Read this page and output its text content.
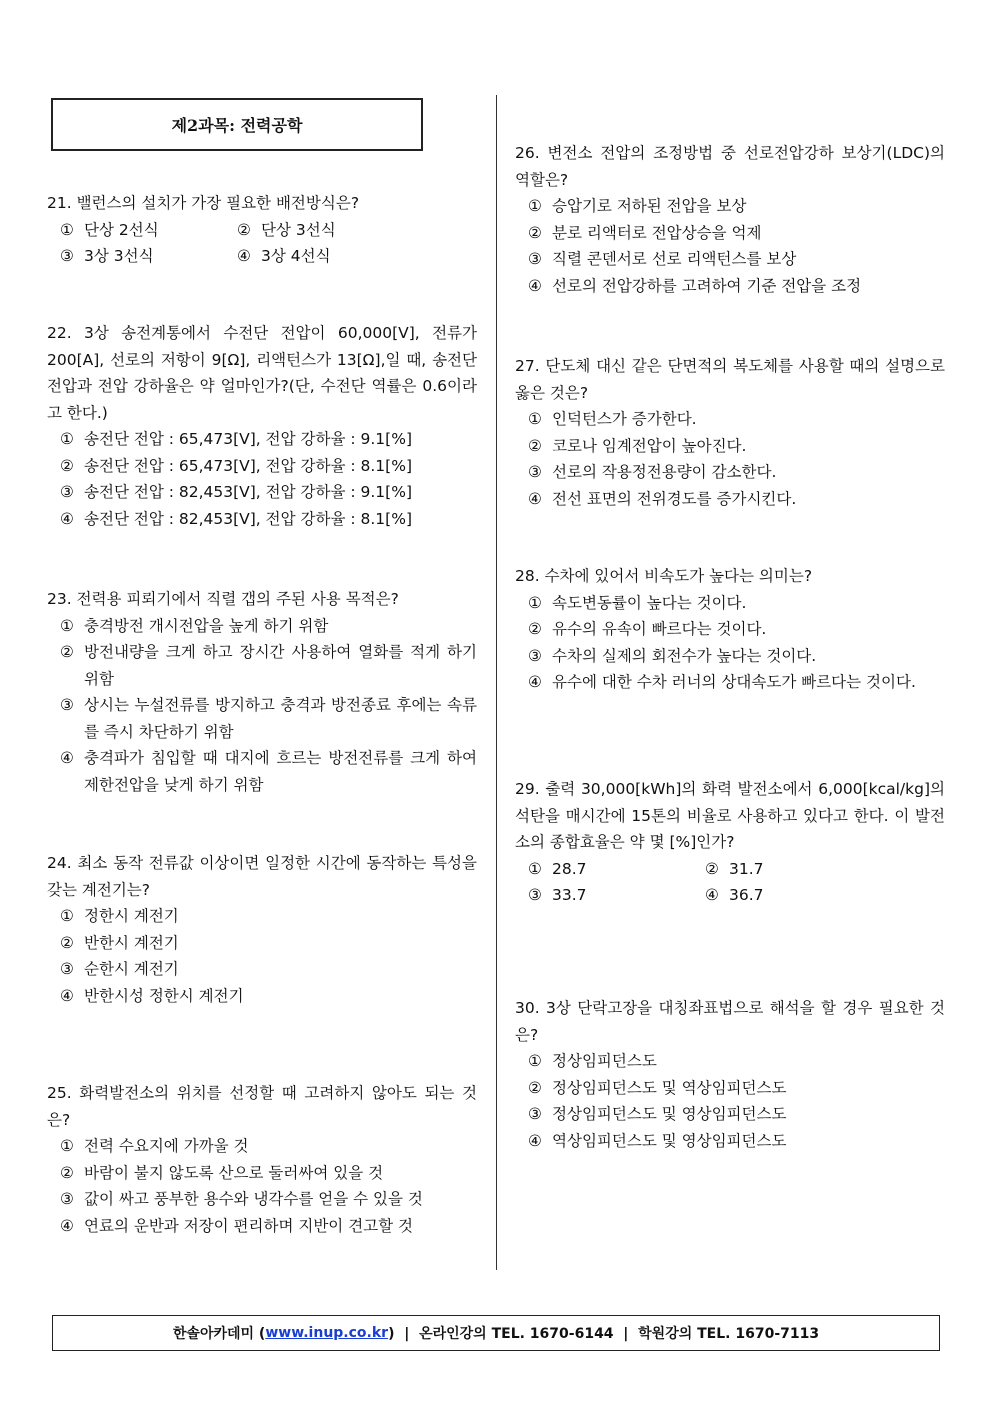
제2과목: 전력공학
21. 밸런스의 설치가 가장 필요한 배전방식은?
① 단상 2선식	② 단상 3선식
③ 3상 3선식	④ 3상 4선식
22. 3상 송전계통에서 수전단 전압이 60,000[V], 전류가 200[A], 선로의 저항이 9[Ω], 리액턴스가 13[Ω],일 때, 송전단 전압과 전압 강하율은 약 얼마인가?(단, 수전단 역률은 0.6이라고 한다.)
① 송전단 전압 : 65,473[V], 전압 강하율 : 9.1[%]
② 송전단 전압 : 65,473[V], 전압 강하율 : 8.1[%]
③ 송전단 전압 : 82,453[V], 전압 강하율 : 9.1[%]
④ 송전단 전압 : 82,453[V], 전압 강하율 : 8.1[%]
23. 전력용 피뢰기에서 직렬 갭의 주된 사용 목적은?
① 충격방전 개시전압을 높게 하기 위함
② 방전내량을 크게 하고 장시간 사용하여 열화를 적게 하기 위함
③ 상시는 누설전류를 방지하고 충격과 방전종료 후에는 속류를 즉시 차단하기 위함
④ 충격파가 침입할 때 대지에 흐르는 방전전류를 크게 하여 제한전압을 낮게 하기 위함
24. 최소 동작 전류값 이상이면 일정한 시간에 동작하는 특성을 갖는 계전기는?
① 정한시 계전기
② 반한시 계전기
③ 순한시 계전기
④ 반한시성 정한시 계전기
25. 화력발전소의 위치를 선정할 때 고려하지 않아도 되는 것은?
① 전력 수요지에 가까울 것
② 바람이 불지 않도록 산으로 둘러싸여 있을 것
③ 값이 싸고 풍부한 용수와 냉각수를 얻을 수 있을 것
④ 연료의 운반과 저장이 편리하며 지반이 견고할 것
26. 변전소 전압의 조정방법 중 선로전압강하 보상기(LDC)의 역할은?
① 승압기로 저하된 전압을 보상
② 분로 리액터로 전압상승을 억제
③ 직렬 콘덴서로 선로 리액턴스를 보상
④ 선로의 전압강하를 고려하여 기준 전압을 조정
27. 단도체 대신 같은 단면적의 복도체를 사용할 때의 설명으로 옳은 것은?
① 인덕턴스가 증가한다.
② 코로나 임계전압이 높아진다.
③ 선로의 작용정전용량이 감소한다.
④ 전선 표면의 전위경도를 증가시킨다.
28. 수차에 있어서 비속도가 높다는 의미는?
① 속도변동률이 높다는 것이다.
② 유수의 유속이 빠르다는 것이다.
③ 수차의 실제의 회전수가 높다는 것이다.
④ 유수에 대한 수차 러너의 상대속도가 빠르다는 것이다.
29. 출력 30,000[kWh]의 화력 발전소에서 6,000[kcal/kg]의 석탄을 매시간에 15톤의 비율로 사용하고 있다고 한다. 이 발전소의 종합효율은 약 몇 [%]인가?
① 28.7	② 31.7
③ 33.7	④ 36.7
30. 3상 단락고장을 대칭좌표법으로 해석을 할 경우 필요한 것은?
① 정상임피던스도
② 정상임피던스도 및 역상임피던스도
③ 정상임피던스도 및 영상임피던스도
④ 역상임피던스도 및 영상임피던스도
한솔아카데미 ( www.inup.co.kr )  |  온라인강의 TEL. 1670-6144  |  학원강의 TEL. 1670-7113
